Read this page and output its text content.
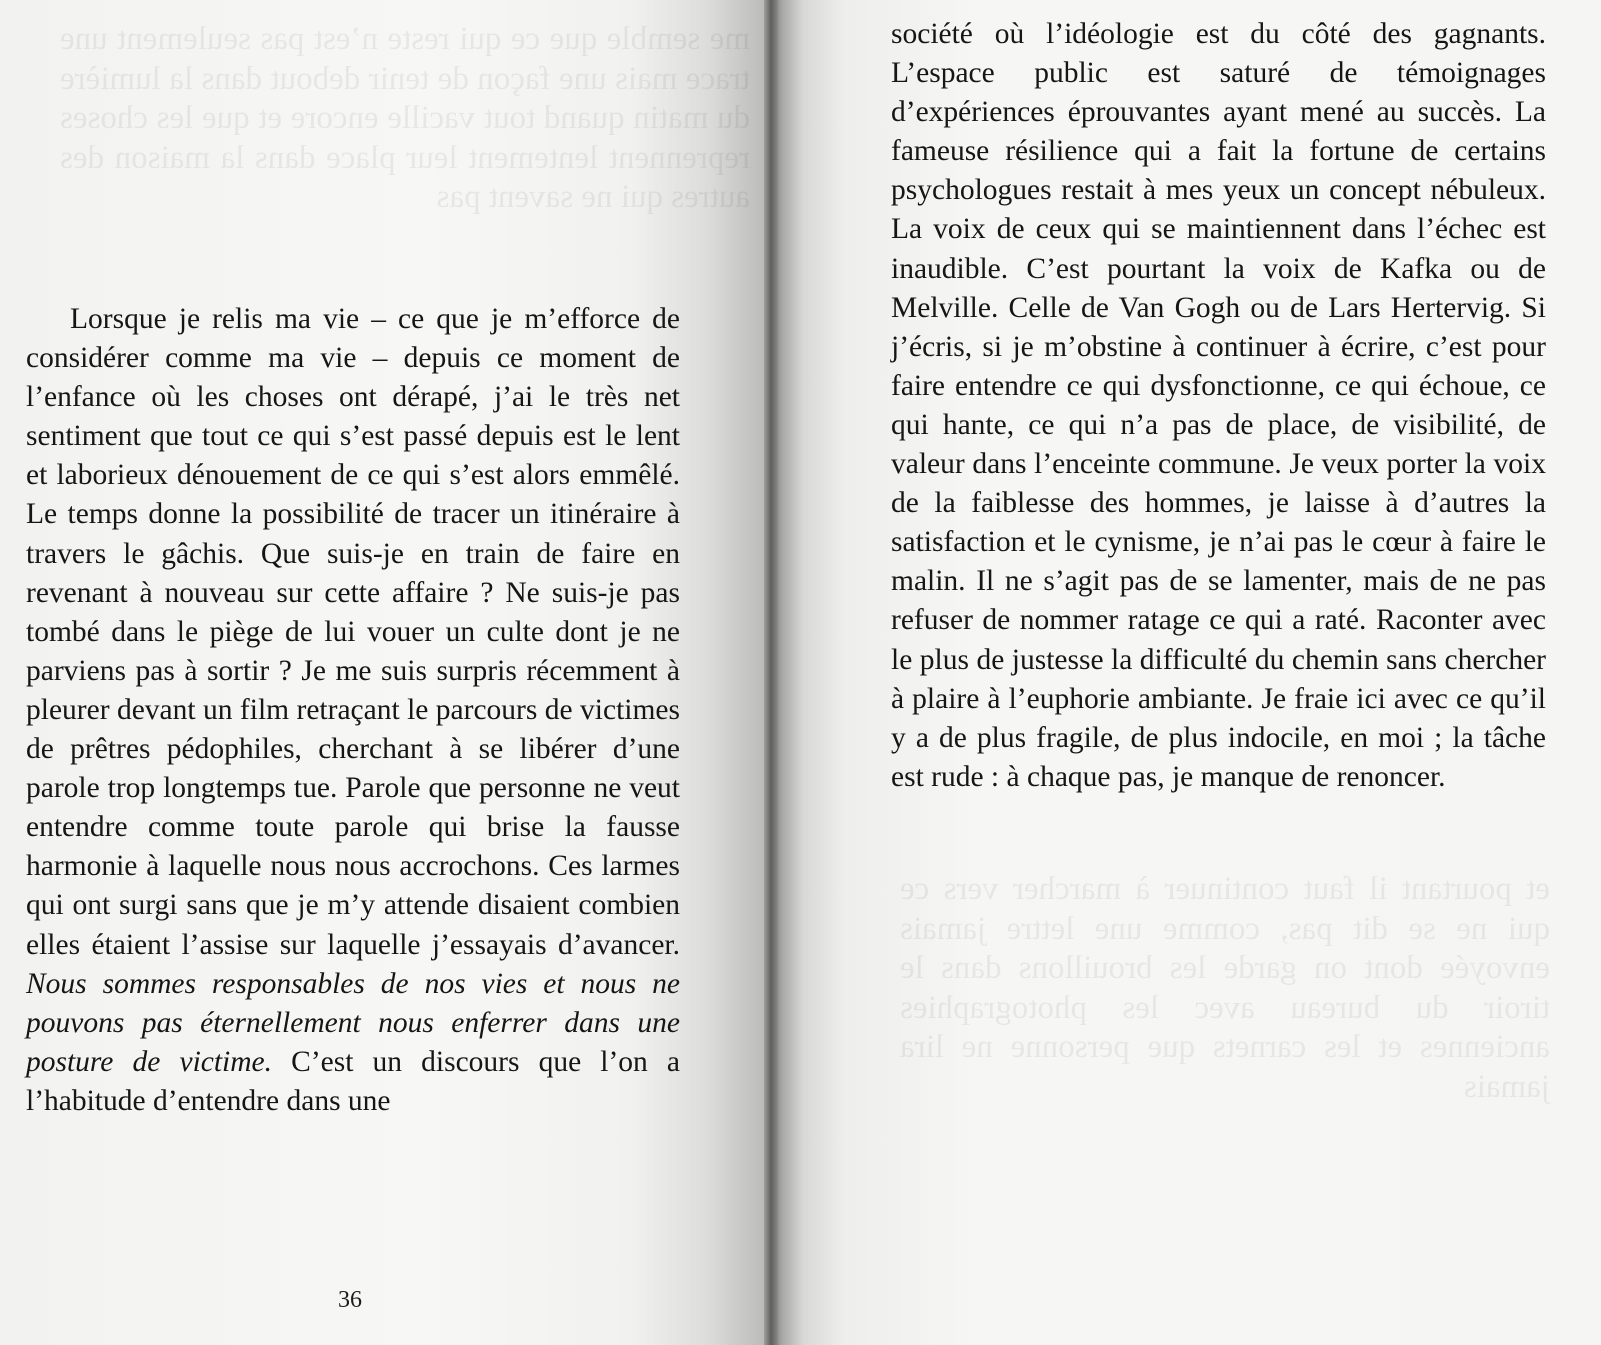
me semble que ce qui reste n’est pas seulement une trace mais une façon de tenir debout dans la lumière du matin quand tout vacille encore et que les choses reprennent lentement leur place dans la maison des autres qui ne savent pas

Lorsque je relis ma vie – ce que je m’efforce de considérer comme ma vie – depuis ce moment de l’enfance où les choses ont dérapé, j’ai le très net sentiment que tout ce qui s’est passé depuis est le lent et laborieux dénouement de ce qui s’est alors emmêlé. Le temps donne la possibilité de tracer un itinéraire à travers le gâchis. Que suis-je en train de faire en revenant à nouveau sur cette affaire ? Ne suis-je pas tombé dans le piège de lui vouer un culte dont je ne parviens pas à sortir ? Je me suis surpris récemment à pleurer devant un film retraçant le parcours de victimes de prêtres pédophiles, cherchant à se libérer d’une parole trop longtemps tue. Parole que personne ne veut entendre comme toute parole qui brise la fausse harmonie à laquelle nous nous accrochons. Ces larmes qui ont surgi sans que je m’y attende disaient combien elles étaient l’assise sur laquelle j’essayais d’avancer. Nous sommes responsables de nos vies et nous ne pouvons pas éternellement nous enferrer dans une posture de victime. C’est un discours que l’on a l’habitude d’entendre dans une

36

et pourtant il faut continuer à marcher vers ce qui ne se dit pas, comme une lettre jamais envoyée dont on garde les brouillons dans le tiroir du bureau avec les photographies anciennes et les carnets que personne ne lira jamais

société où l’idéologie est du côté des gagnants. L’espace public est saturé de témoignages d’expériences éprouvantes ayant mené au succès. La fameuse résilience qui a fait la fortune de certains psychologues restait à mes yeux un concept nébuleux. La voix de ceux qui se maintiennent dans l’échec est inaudible. C’est pourtant la voix de Kafka ou de Melville. Celle de Van Gogh ou de Lars Hertervig. Si j’écris, si je m’obstine à continuer à écrire, c’est pour faire entendre ce qui dysfonctionne, ce qui échoue, ce qui hante, ce qui n’a pas de place, de visibilité, de valeur dans l’enceinte commune. Je veux porter la voix de la faiblesse des hommes, je laisse à d’autres la satisfaction et le cynisme, je n’ai pas le cœur à faire le malin. Il ne s’agit pas de se lamenter, mais de ne pas refuser de nommer ratage ce qui a raté. Raconter avec le plus de justesse la difficulté du chemin sans chercher à plaire à l’euphorie ambiante. Je fraie ici avec ce qu’il y a de plus fragile, de plus indocile, en moi ; la tâche est rude : à chaque pas, je manque de renoncer.
